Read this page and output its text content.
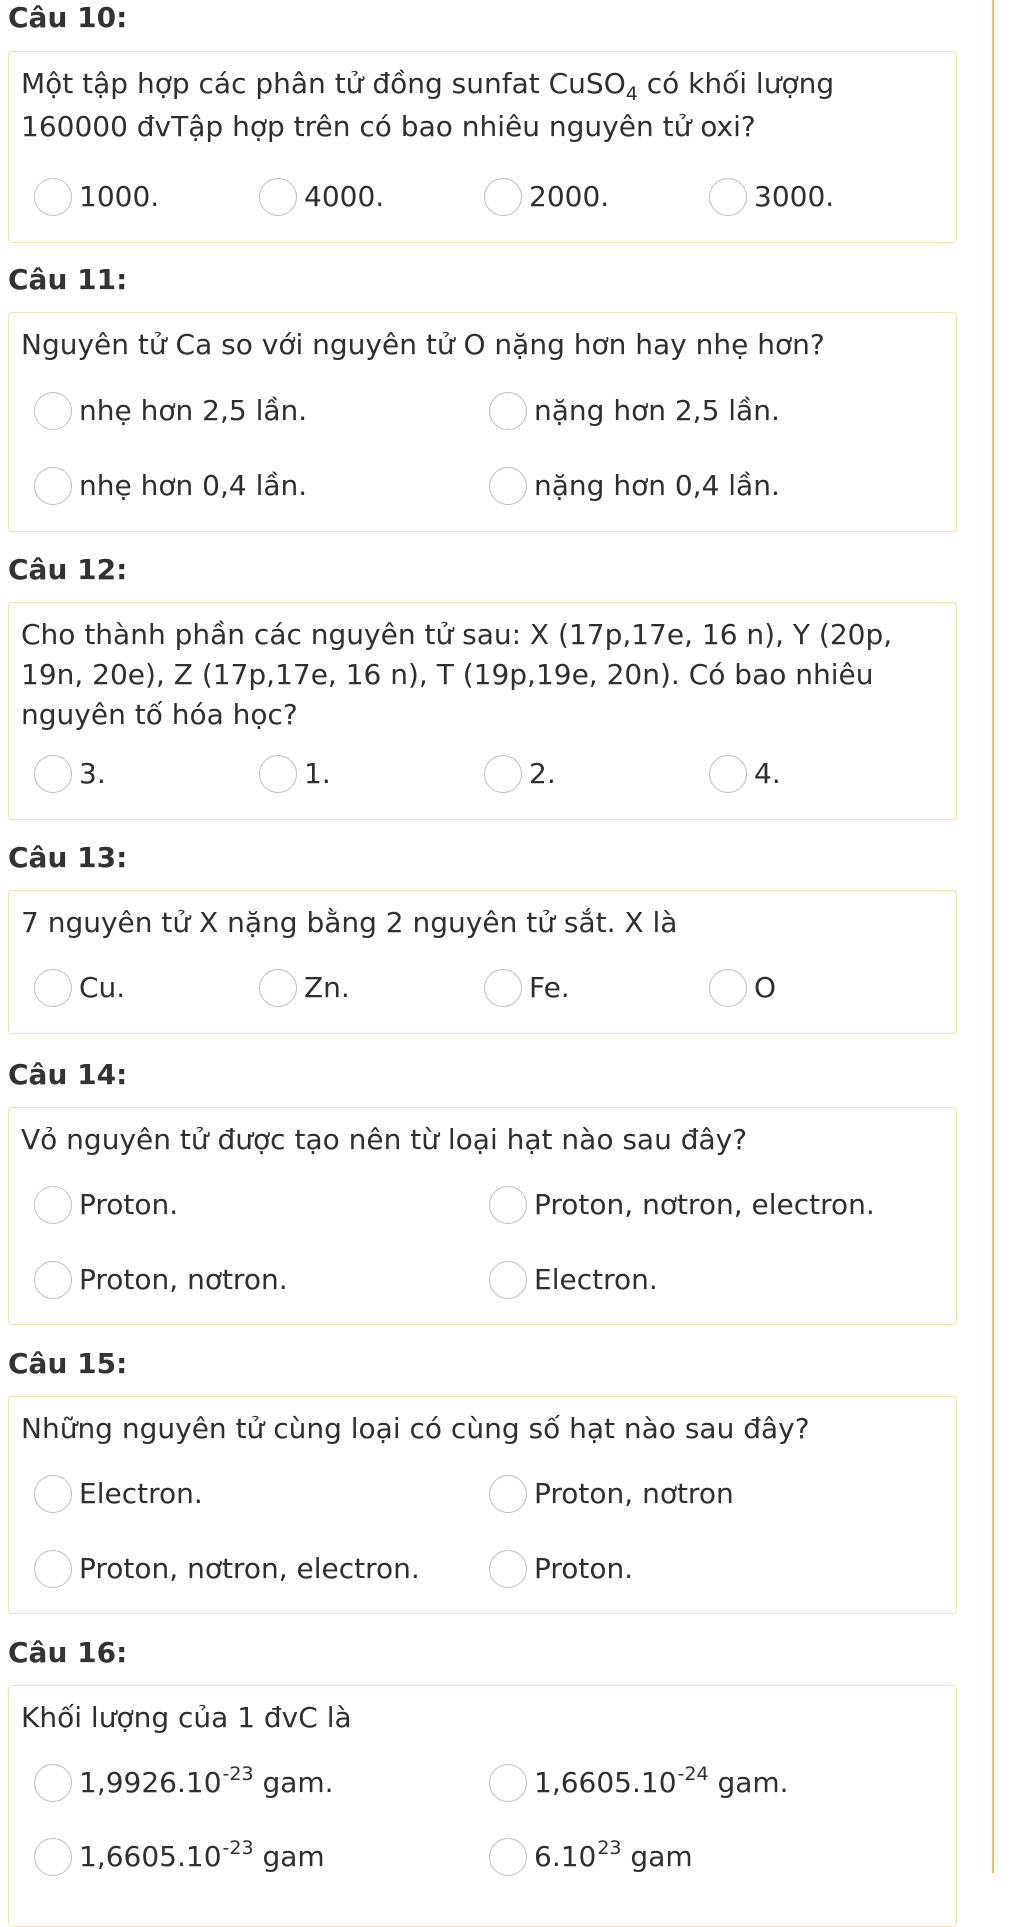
Câu 10:
Một tập hợp các phân tử đồng sunfat CuSO$_4$ có khối lượng 160000 đvTập hợp trên có bao nhiêu nguyên tử oxi?
1000.	4000.	2000.	3000.
Câu 11:
Nguyên tử Ca so với nguyên tử O nặng hơn hay nhẹ hơn?
nhẹ hơn 2,5 lần.	nặng hơn 2,5 lần.
nhẹ hơn 0,4 lần.	nặng hơn 0,4 lần.
Câu 12:
Cho thành phần các nguyên tử sau: X (17p,17e, 16 n), Y (20p, 19n, 20e), Z (17p,17e, 16 n), T (19p,19e, 20n). Có bao nhiêu nguyên tố hóa học?
3.	1.	2.	4.
Câu 13:
7 nguyên tử X nặng bằng 2 nguyên tử sắt. X là
Cu.	Zn.	Fe.	O
Câu 14:
Vỏ nguyên tử được tạo nên từ loại hạt nào sau đây?
Proton.	Proton, nơtron, electron.
Proton, nơtron.	Electron.
Câu 15:
Những nguyên tử cùng loại có cùng số hạt nào sau đây?
Electron.	Proton, nơtron
Proton, nơtron, electron.	Proton.
Câu 16:
Khối lượng của 1 đvC là
$1,9926.10^{-23}$ gam.	$1,6605.10^{-24}$ gam.
$1,6605.10^{-23}$ gam	6.10$^{23}$ gam
